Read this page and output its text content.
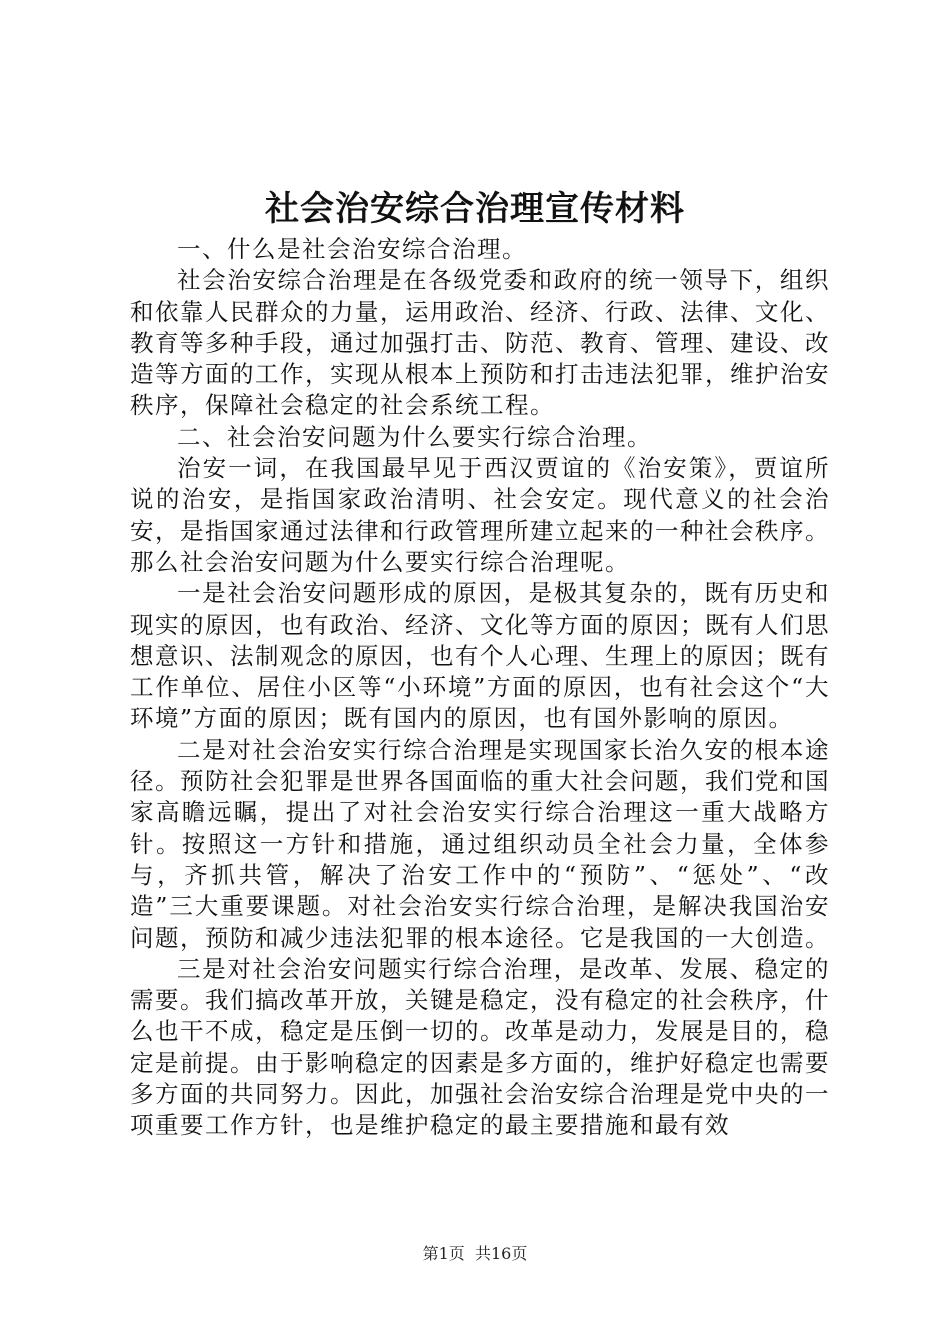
社会治安综合治理宣传材料

一、什么是社会治安综合治理。

社会治安综合治理是在各级党委和政府的统一领导下，组织和依靠人民群众的力量，运用政治、经济、行政、法律、文化、教育等多种手段，通过加强打击、防范、教育、管理、建设、改造等方面的工作，实现从根本上预防和打击违法犯罪，维护治安秩序，保障社会稳定的社会系统工程。

二、社会治安问题为什么要实行综合治理。

治安一词，在我国最早见于西汉贾谊的《治安策》，贾谊所说的治安，是指国家政治清明、社会安定。现代意义的社会治安，是指国家通过法律和行政管理所建立起来的一种社会秩序。那么社会治安问题为什么要实行综合治理呢。

一是社会治安问题形成的原因，是极其复杂的，既有历史和现实的原因，也有政治、经济、文化等方面的原因；既有人们思想意识、法制观念的原因，也有个人心理、生理上的原因；既有工作单位、居住小区等“小环境”方面的原因，也有社会这个“大环境”方面的原因；既有国内的原因，也有国外影响的原因。

二是对社会治安实行综合治理是实现国家长治久安的根本途径。预防社会犯罪是世界各国面临的重大社会问题，我们党和国家高瞻远瞩，提出了对社会治安实行综合治理这一重大战略方针。按照这一方针和措施，通过组织动员全社会力量，全体参与，齐抓共管，解决了治安工作中的“预防”、“惩处”、“改造”三大重要课题。对社会治安实行综合治理，是解决我国治安问题，预防和减少违法犯罪的根本途径。它是我国的一大创造。

三是对社会治安问题实行综合治理，是改革、发展、稳定的需要。我们搞改革开放，关键是稳定，没有稳定的社会秩序，什么也干不成，稳定是压倒一切的。改革是动力，发展是目的，稳定是前提。由于影响稳定的因素是多方面的，维护好稳定也需要多方面的共同努力。因此，加强社会治安综合治理是党中央的一项重要工作方针，也是维护稳定的最主要措施和最有效

第1页 共16页
